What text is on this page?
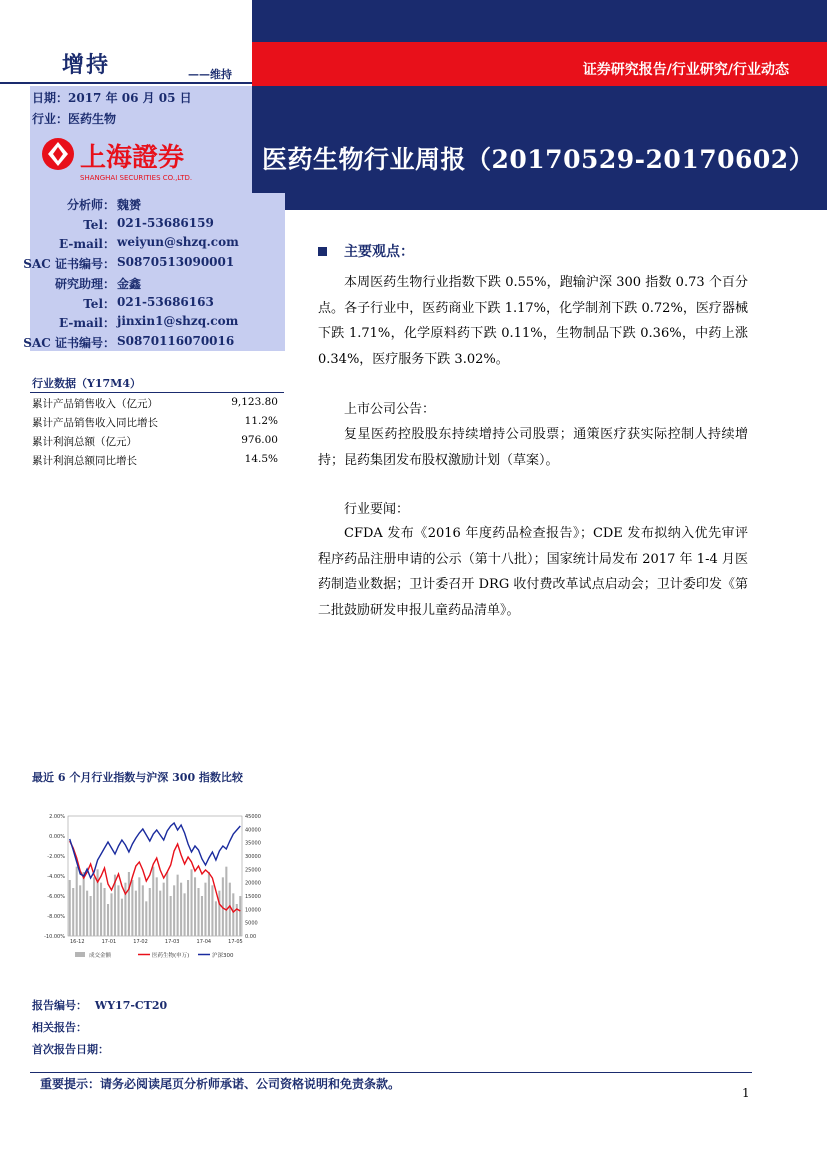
证券研究报告/行业研究/行业动态
医药生物行业周报（20170529-20170602）
增持	——维持
日期：2017 年 06 月 05 日
行业：医药生物
上海證券
SHANGHAI SECURITIES CO.,LTD.
分析师： 魏赟
Tel： 021-53686159
E-mail： weiyun@shzq.com
SAC 证书编号： S0870513090001
研究助理： 金鑫
Tel： 021-53686163
E-mail： jinxin1@shzq.com
SAC 证书编号： S0870116070016
行业数据（Y17M4）
累计产品销售收入（亿元）	9,123.80
累计产品销售收入同比增长	11.2%
累计利润总额（亿元）	976.00
累计利润总额同比增长	14.5%
主要观点：

本周医药生物行业指数下跌 0.55%，跑输沪深 300 指数 0.73 个百分点。各子行业中，医药商业下跌 1.17%，化学制剂下跌 0.72%，医疗器械下跌 1.71%，化学原料药下跌 0.11%，生物制品下跌 0.36%，中药上涨 0.34%，医疗服务下跌 3.02%。

上市公司公告：

复星医药控股股东持续增持公司股票；通策医疗获实际控制人持续增持；昆药集团发布股权激励计划（草案）。

行业要闻：

CFDA 发布《2016 年度药品检查报告》；CDE 发布拟纳入优先审评程序药品注册申请的公示（第十八批）；国家统计局发布 2017 年 1-4 月医药制造业数据；卫计委召开 DRG 收付费改革试点启动会；卫计委印发《第二批鼓励研发申报儿童药品清单》。

最近 6 个月行业指数与沪深 300 指数比较
2.00%
0.00%
-2.00%
-4.00%
-6.00%
-8.00%
-10.00%
45000
40000
35000
30000
25000
20000
15000
10000
5000
0.00
16-12	17-01	17-02	17-03	17-04	17-05
成交金额	医药生物(申万)	沪深300
报告编号： WY17-CT20
相关报告：
首次报告日期：
重要提示：请务必阅读尾页分析师承诺、公司资格说明和免责条款。
1
